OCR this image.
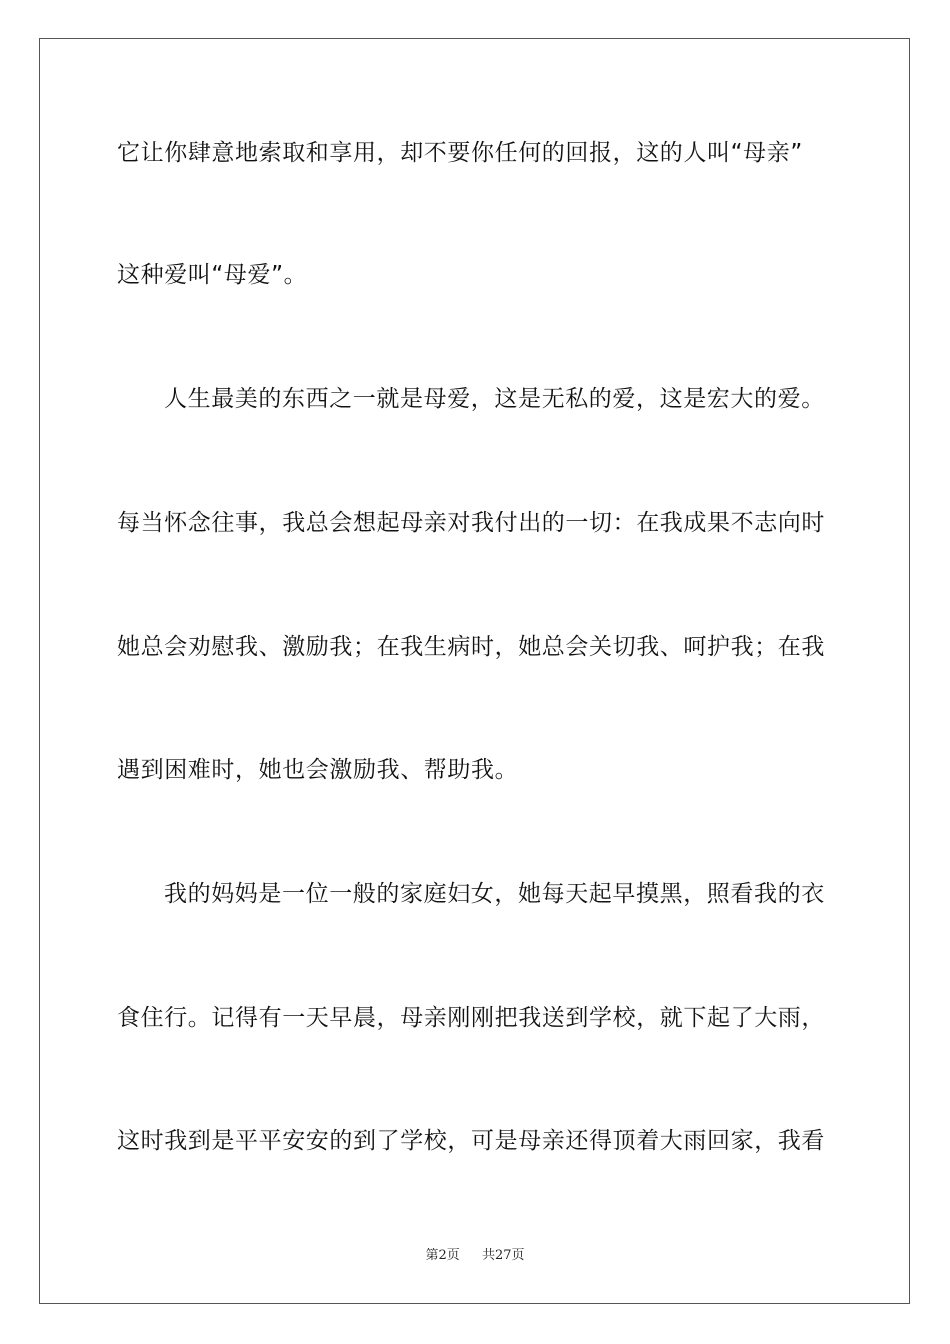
它让你肆意地索取和享用，却不要你任何的回报，这的人叫“母亲”
这种爱叫“母爱”。
人生最美的东西之一就是母爱，这是无私的爱，这是宏大的爱。
每当怀念往事，我总会想起母亲对我付出的一切：在我成果不志向时
她总会劝慰我、激励我；在我生病时，她总会关切我、呵护我；在我
遇到困难时，她也会激励我、帮助我。
我的妈妈是一位一般的家庭妇女，她每天起早摸黑，照看我的衣
食住行。记得有一天早晨，母亲刚刚把我送到学校，就下起了大雨，
这时我到是平平安安的到了学校，可是母亲还得顶着大雨回家，我看
第2页 共27页
